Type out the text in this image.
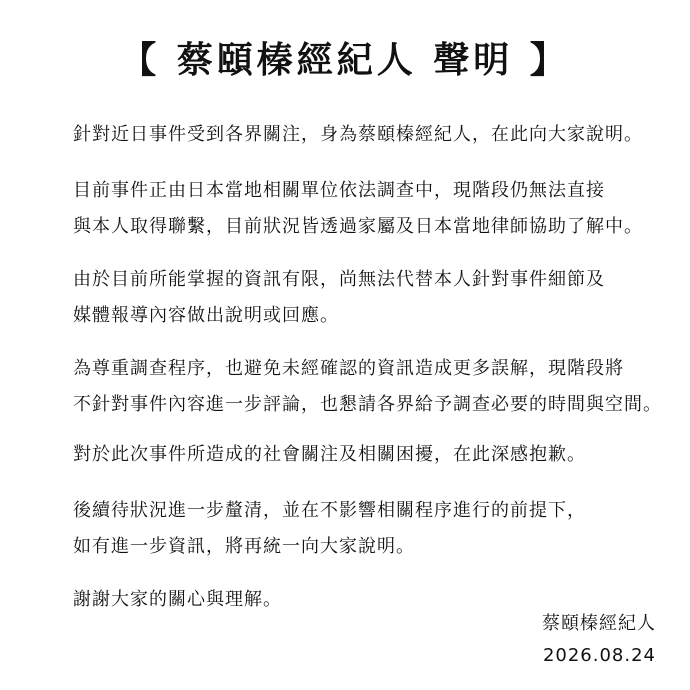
【 蔡頤榛經紀人 聲明 】

針對近日事件受到各界關注，身為蔡頤榛經紀人，在此向大家說明。

目前事件正由日本當地相關單位依法調查中，現階段仍無法直接
與本人取得聯繫，目前狀況皆透過家屬及日本當地律師協助了解中。

由於目前所能掌握的資訊有限，尚無法代替本人針對事件細節及
媒體報導內容做出說明或回應。

為尊重調查程序，也避免未經確認的資訊造成更多誤解，現階段將
不針對事件內容進一步評論，也懇請各界給予調查必要的時間與空間。

對於此次事件所造成的社會關注及相關困擾，在此深感抱歉。

後續待狀況進一步釐清，並在不影響相關程序進行的前提下，
如有進一步資訊，將再統一向大家說明。

謝謝大家的關心與理解。

蔡頤榛經紀人
2026.08.24
